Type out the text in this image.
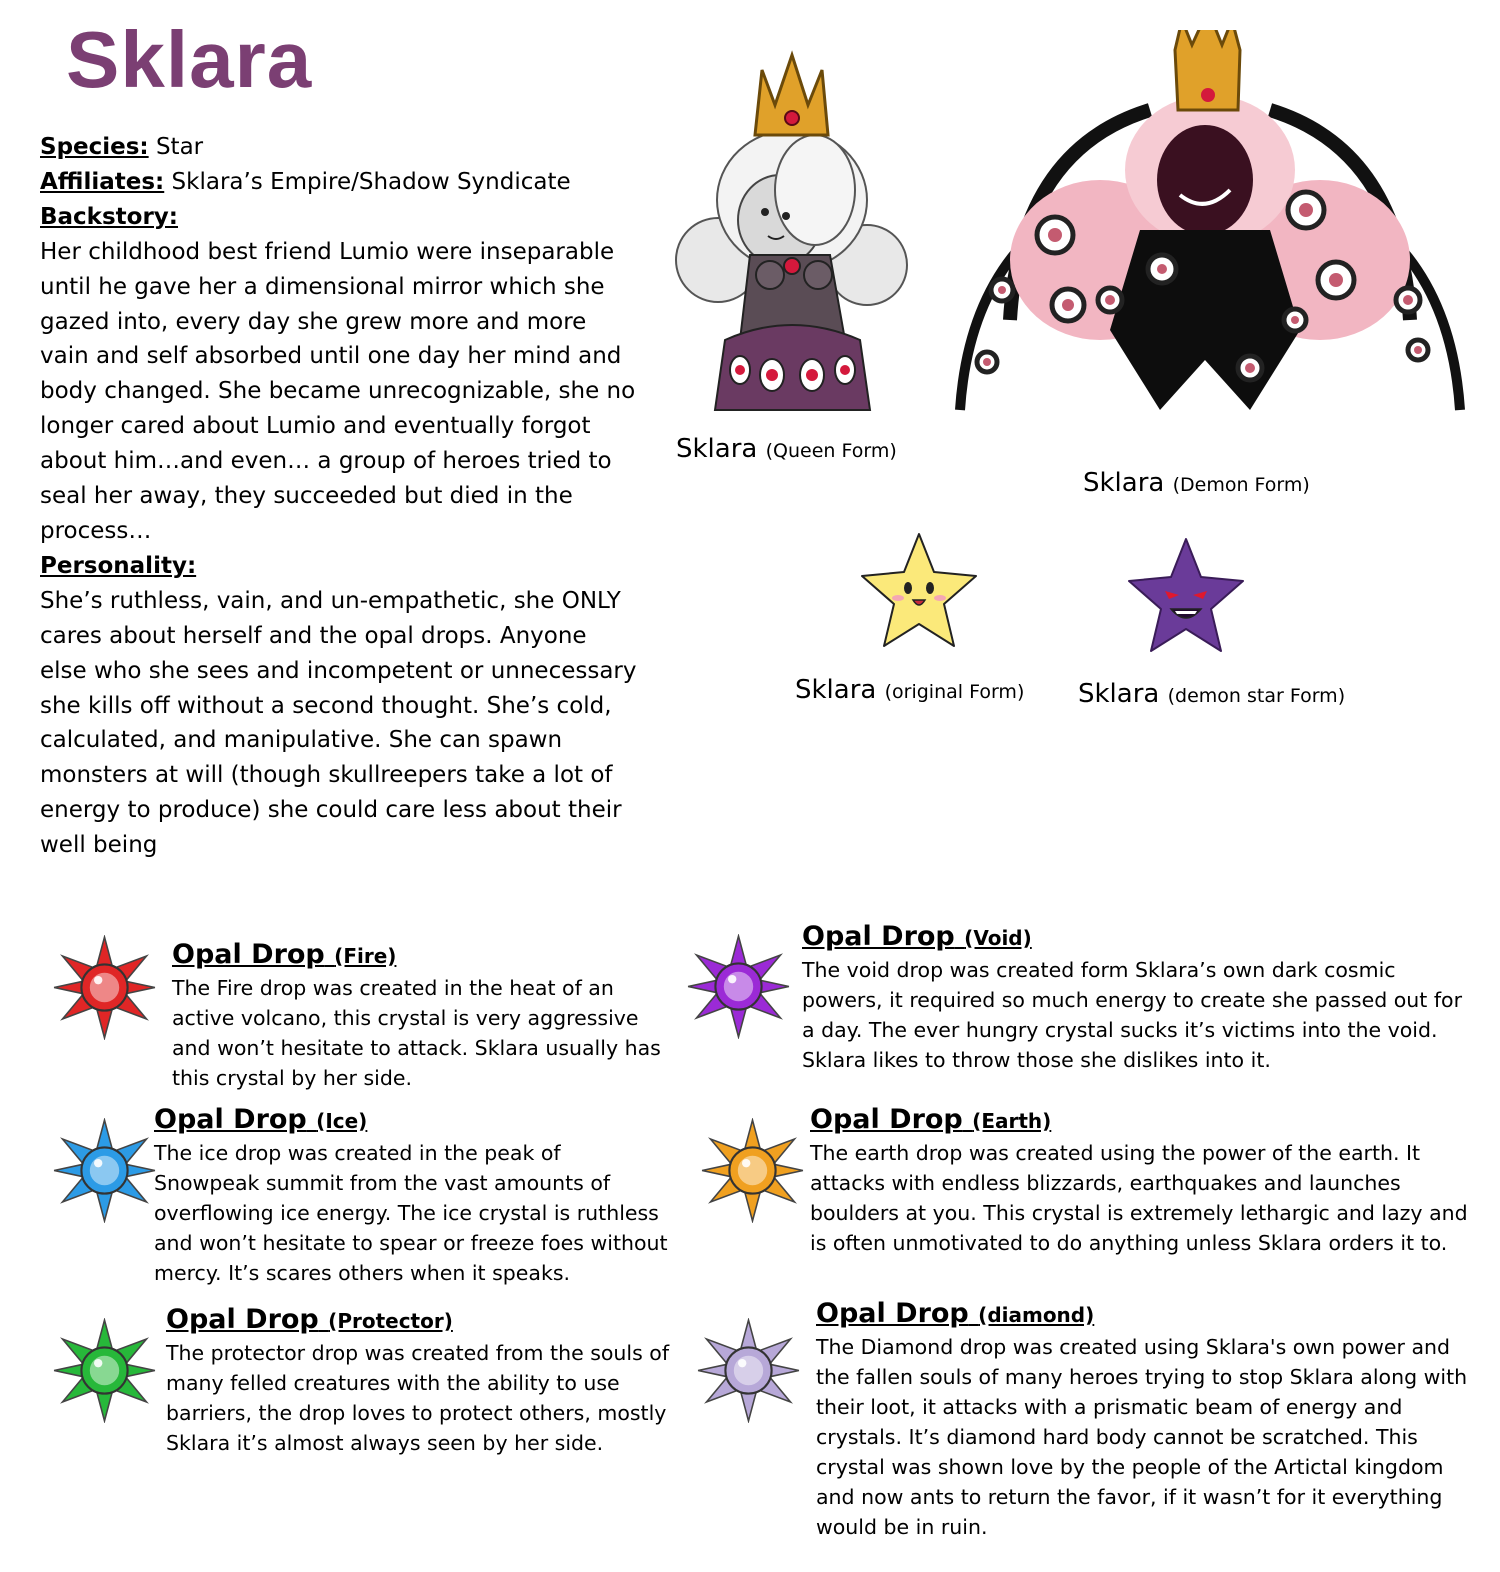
Sklara

Species: Star

Affiliates: Sklara’s Empire/Shadow Syndicate

Backstory:

Her childhood best friend Lumio were inseparable until he gave her a dimensional mirror which she gazed into, every day she grew more and more vain and self absorbed until one day her mind and body changed. She became unrecognizable, she no longer cared about Lumio and eventually forgot about him…and even… a group of heroes tried to seal her away, they succeeded but died in the process…

Personality:

She’s ruthless, vain, and un-empathetic, she ONLY cares about herself and the opal drops. Anyone else who she sees and incompetent or unnecessary she kills off without a second thought. She’s cold, calculated, and manipulative. She can spawn monsters at will (though skullreepers take a lot of energy to produce) she could care less about their well being

Sklara (Queen Form)
Sklara (Demon Form)
Sklara (original Form) Sklara (demon star Form)
Opal Drop (Fire)

The Fire drop was created in the heat of an active volcano, this crystal is very aggressive and won’t hesitate to attack. Sklara usually has this crystal by her side.

Opal Drop (Ice)

The ice drop was created in the peak of Snowpeak summit from the vast amounts of overflowing ice energy. The ice crystal is ruthless and won’t hesitate to spear or freeze foes without mercy. It’s scares others when it speaks.

Opal Drop (Protector)

The protector drop was created from the souls of many felled creatures with the ability to use barriers, the drop loves to protect others, mostly Sklara it’s almost always seen by her side.

Opal Drop (Void)

The void drop was created form Sklara’s own dark cosmic powers, it required so much energy to create she passed out for a day. The ever hungry crystal sucks it’s victims into the void. Sklara likes to throw those she dislikes into it.

Opal Drop (Earth)

The earth drop was created using the power of the earth. It attacks with endless blizzards, earthquakes and launches boulders at you. This crystal is extremely lethargic and lazy and is often unmotivated to do anything unless Sklara orders it to.

Opal Drop (diamond)

The Diamond drop was created using Sklara's own power and the fallen souls of many heroes trying to stop Sklara along with their loot, it attacks with a prismatic beam of energy and crystals. It’s diamond hard body cannot be scratched. This crystal was shown love by the people of the Artictal kingdom and now ants to return the favor, if it wasn’t for it everything would be in ruin.
